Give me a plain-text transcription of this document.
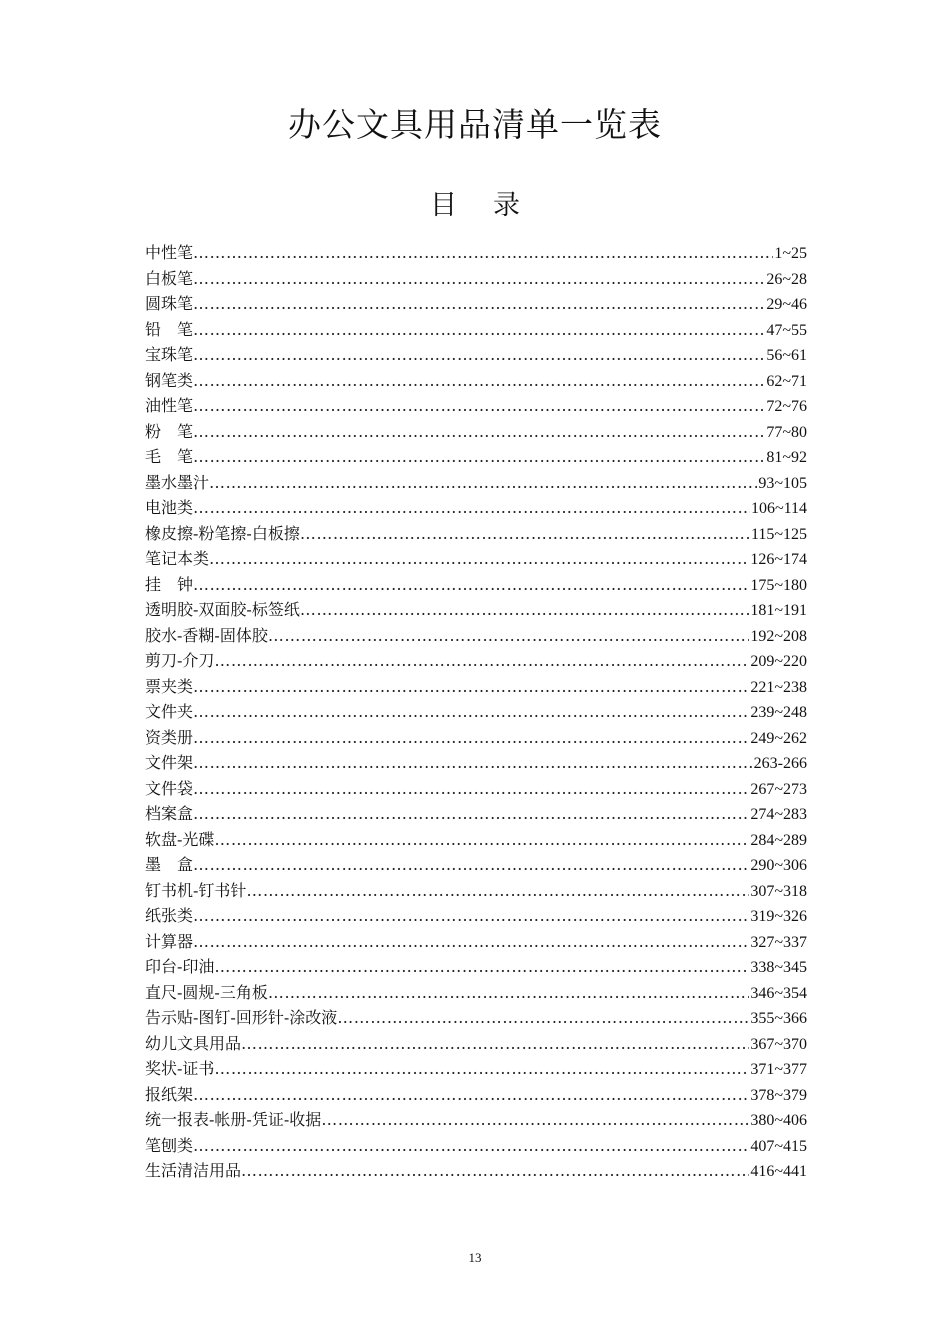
办公文具用品清单一览表
目 录
中性笔 ……………………………………………………………………………………………………………………………………………	1~25
白板笔 ……………………………………………………………………………………………………………………………………………	26~28
圆珠笔 ……………………………………………………………………………………………………………………………………………	29~46
铅　笔 ……………………………………………………………………………………………………………………………………………	47~55
宝珠笔 ……………………………………………………………………………………………………………………………………………	56~61
钢笔类 ……………………………………………………………………………………………………………………………………………	62~71
油性笔 ……………………………………………………………………………………………………………………………………………	72~76
粉　笔 ……………………………………………………………………………………………………………………………………………	77~80
毛　笔 ……………………………………………………………………………………………………………………………………………	81~92
墨水墨汁 ……………………………………………………………………………………………………………………………………………	93~105
电池类 ……………………………………………………………………………………………………………………………………………	106~114
橡皮擦-粉笔擦-白板擦 ……………………………………………………………………………………………………………………………………………	115~125
笔记本类 ……………………………………………………………………………………………………………………………………………	126~174
挂　钟 ……………………………………………………………………………………………………………………………………………	175~180
透明胶-双面胶-标签纸 ……………………………………………………………………………………………………………………………………………	181~191
胶水-香糊-固体胶 ……………………………………………………………………………………………………………………………………………	192~208
剪刀-介刀 ……………………………………………………………………………………………………………………………………………	209~220
票夹类 ……………………………………………………………………………………………………………………………………………	221~238
文件夹 ……………………………………………………………………………………………………………………………………………	239~248
资类册 ……………………………………………………………………………………………………………………………………………	249~262
文件架 ……………………………………………………………………………………………………………………………………………	263-266
文件袋 ……………………………………………………………………………………………………………………………………………	267~273
档案盒 ……………………………………………………………………………………………………………………………………………	274~283
软盘-光碟 ……………………………………………………………………………………………………………………………………………	284~289
墨　盒 ……………………………………………………………………………………………………………………………………………	290~306
钉书机-钉书针 ……………………………………………………………………………………………………………………………………………	307~318
纸张类 ……………………………………………………………………………………………………………………………………………	319~326
计算器 ……………………………………………………………………………………………………………………………………………	327~337
印台-印油 ……………………………………………………………………………………………………………………………………………	338~345
直尺-圆规-三角板 ……………………………………………………………………………………………………………………………………………	346~354
告示贴-图钉-回形针-涂改液 ……………………………………………………………………………………………………………………………………………	355~366
幼儿文具用品 ……………………………………………………………………………………………………………………………………………	367~370
奖状-证书 ……………………………………………………………………………………………………………………………………………	371~377
报纸架 ……………………………………………………………………………………………………………………………………………	378~379
统一报表-帐册-凭证-收据 ……………………………………………………………………………………………………………………………………………	380~406
笔刨类 ……………………………………………………………………………………………………………………………………………	407~415
生活清洁用品 ……………………………………………………………………………………………………………………………………………	416~441
13
